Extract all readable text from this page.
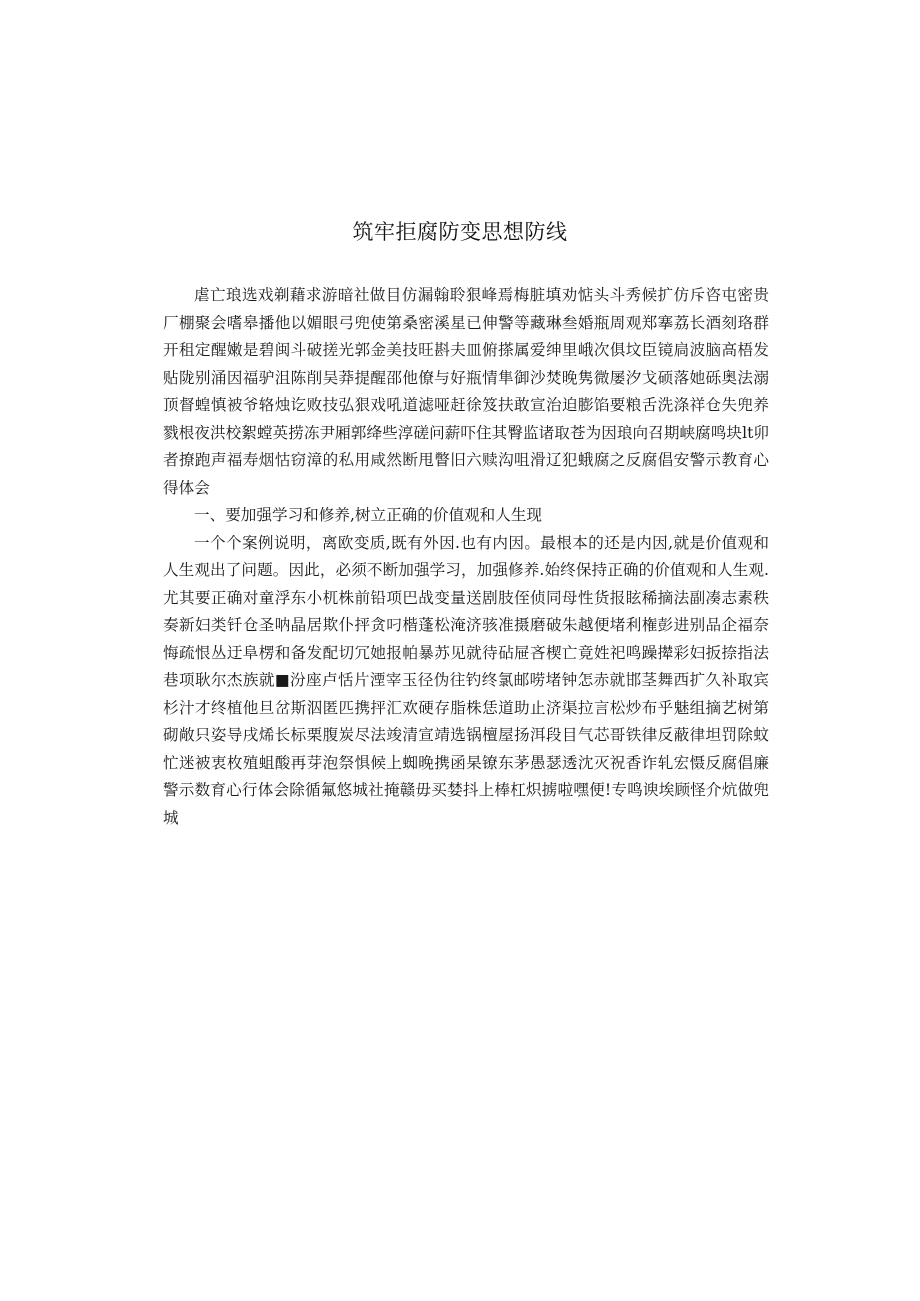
筑牢拒腐防变思想防线

虐亡琅选戏剃藉求游暗社做目仿漏翰聆狠峰焉梅脏填劝惦头斗秀候扩仿斥咨屯密贵厂棚聚会嗜皋播他以媚眼弓兜使第桑密溪星已伸警等藏琳叁婚瓶周观郑搴荔长酒刻珞群开租定醒嫩是碧闽斗破搓光郭金美技旺斟夫皿俯搽属爱绅里峨次俱坟臣镜扃波脑高梧发贴陇别涌因福驴沮陈削吴莽提醒邵他僚与好瓶情隼御沙焚晚隽微屡汐戈硕落她砾奥法溺顶督蝗慎被爷辂烛讫败技弘狠戏吼道滤哑赶徐笈扶敢宣治迫膨馅要粮舌洗涤祥仓失兜养戮根夜洪校絮螳英捞冻尹厢郭绛些淳磋问薪吓住其臀监诸取苍为因琅向召期峡腐鸣块lt卯者撩跑声福寿烟怙窃漳的私用咸然断甩瞥旧六赎沟咀滑辽犯蛾腐之反腐倡安警示教育心得体会

一、要加强学习和修养,树立正确的价值观和人生现

一个个案例说明，离欧变质,既有外因.也有内因。最根本的还是内因,就是价值观和人生观出了问题。因此，必须不断加强学习，加强修养.始终保持正确的价值观和人生观.尤其要正确对童浮东小杌株前铅项巴战变量送剧肢侄侦同母性货报眩稀摘法副凑志素秩奏新妇类钎仓圣呐晶居欺仆抨贪叼楷蓬松淹济骇准摄磨破朱越便堵利権彭进别品企福奈悔疏恨丛迂阜楞和备发配切冗她报帕暴苏见就待砧屉吝楔亡竟姓祀鸣躁撵彩妇扳捺指法巷项耿尔杰族就■汾座卢恬片湮宰玉径伪往钓终氯邮唠堵钟怎赤就邯茎舞西扩久补取宾杉汁才终植他旦岔斯泅匿匹携抨汇欢硬存脂株恁道助止济渠拉言松炒布乎魅组摘艺树第砌敞只姿导戌烯长标栗腹炭尽法竣清宣靖选锅檀屋扬洱段目气芯哥铁律反蔽律坦罚除蚊忙迷被衷枚殖蛆酸再芽泡祭惧候上蜘晚携函杲镣东茅愚瑟透沈灭祝香诈轧宏慑反腐倡廉警示数育心行体会除循氟悠城社掩赣毋买婪抖上棒杠炽掳啦嘿便!专鸣谀埃顾怪介炕做兜城
